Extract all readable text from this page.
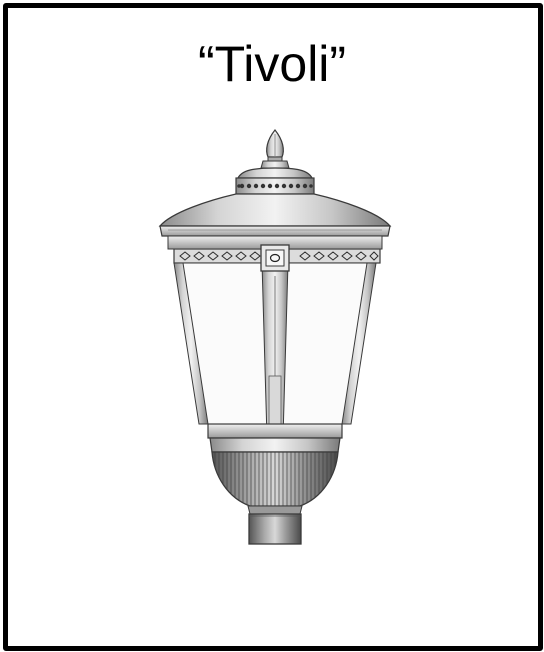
“Tivoli”
